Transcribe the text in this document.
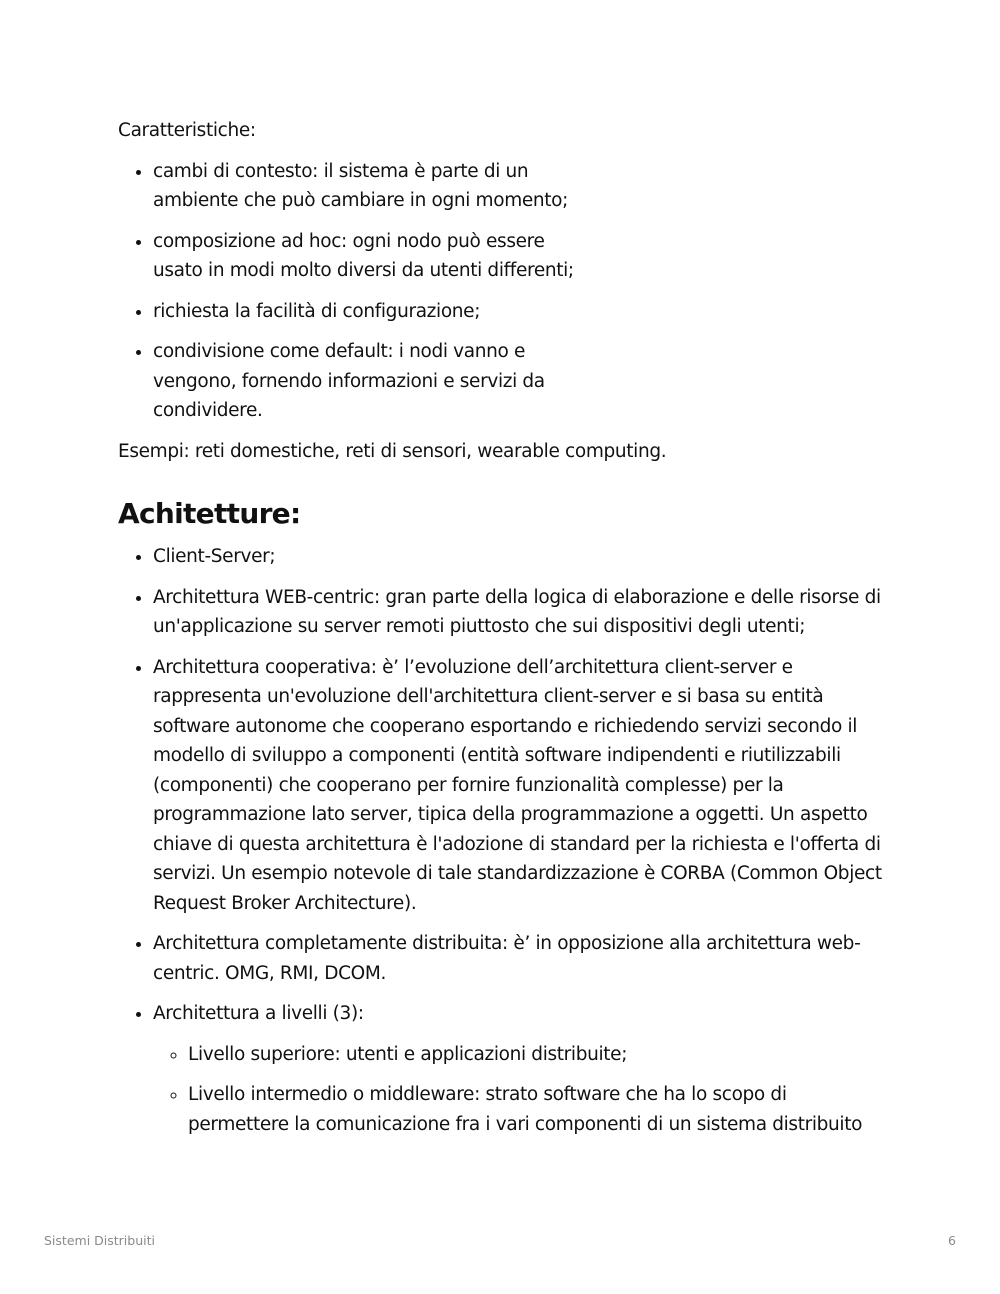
Caratteristiche:

• cambi di contesto: il sistema è parte di un ambiente che può cambiare in ogni momento;
• composizione ad hoc: ogni nodo può essere usato in modi molto diversi da utenti differenti;
• richiesta la facilità di configurazione;
• condivisione come default: i nodi vanno e vengono, fornendo informazioni e servizi da condividere.

Esempi: reti domestiche, reti di sensori, wearable computing.

Achitetture:
• Client-Server;
• Architettura WEB-centric: gran parte della logica di elaborazione e delle risorse di un'applicazione su server remoti piuttosto che sui dispositivi degli utenti;
• Architettura cooperativa: è’ l’evoluzione dell’architettura client-server e rappresenta un'evoluzione dell'architettura client-server e si basa su entità software autonome che cooperano esportando e richiedendo servizi secondo il modello di sviluppo a componenti (entità software indipendenti e riutilizzabili (componenti) che cooperano per fornire funzionalità complesse) per la programmazione lato server, tipica della programmazione a oggetti. Un aspetto chiave di questa architettura è l'adozione di standard per la richiesta e l'offerta di servizi. Un esempio notevole di tale standardizzazione è CORBA (Common Object Request Broker Architecture).
• Architettura completamente distribuita: è’ in opposizione alla architettura web-centric. OMG, RMI, DCOM.
• Architettura a livelli (3):
◦ Livello superiore: utenti e applicazioni distribuite;
◦ Livello intermedio o middleware: strato software che ha lo scopo di permettere la comunicazione fra i vari componenti di un sistema distribuito
Sistemi Distribuiti	6
